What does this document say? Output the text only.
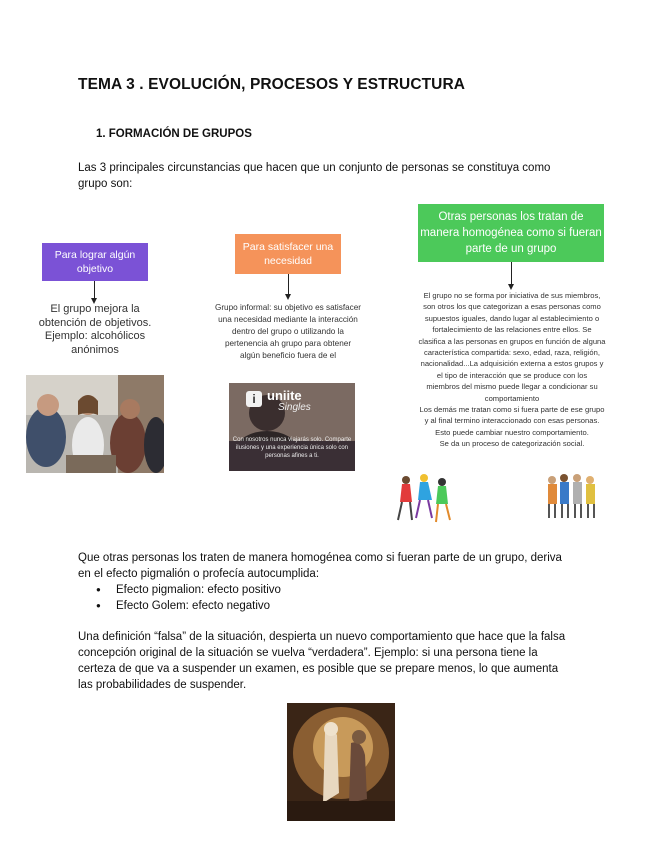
TEMA 3 . EVOLUCIÓN, PROCESOS Y ESTRUCTURA
1. FORMACIÓN DE GRUPOS
Las 3 principales circunstancias que hacen que un conjunto de personas se constituya como
grupo son:
Para lograr algún
objetivo
Para satisfacer una
necesidad
Otras personas los tratan de
manera homogénea como si fueran
parte de un grupo
El grupo mejora la
obtención de objetivos.
Ejemplo: alcohólicos
anónimos
Grupo informal: su objetivo es satisfacer
una necesidad mediante la interacción
dentro del grupo o utilizando la
pertenencia ah grupo para obtener
algún beneficio fuera de el
El grupo no se forma por iniciativa de sus miembros,
son otros los que categorizan a esas personas como
supuestos iguales, dando lugar al establecimiento o
fortalecimiento de las relaciones entre ellos. Se
clasifica a las personas en grupos en función de alguna
característica compartida: sexo, edad, raza, religión,
nacionalidad...La adquisición externa a estos grupos y
el tipo de interacción que se produce con los
miembros del mismo puede llegar a condicionar su
comportamiento
Los demás me tratan como si fuera parte de ese grupo
y al final termino interaccionado con esas personas.
Esto puede cambiar nuestro comportamiento.
Se da un proceso de categorización social.
i uniite
Singles
Con nosotros nunca viajarás solo. Comparte
ilusiones y una experiencia única solo con
personas afines a ti.
Que otras personas los traten de manera homogénea como si fueran parte de un grupo, deriva
en el efecto pigmalión o profecía autocumplida:
● Efecto pigmalion: efecto positivo
● Efecto Golem: efecto negativo
Una definición “falsa” de la situación, despierta un nuevo comportamiento que hace que la falsa
concepción original de la situación se vuelva “verdadera”. Ejemplo: si una persona tiene la
certeza de que va a suspender un examen, es posible que se prepare menos, lo que aumenta
las probabilidades de suspender.
